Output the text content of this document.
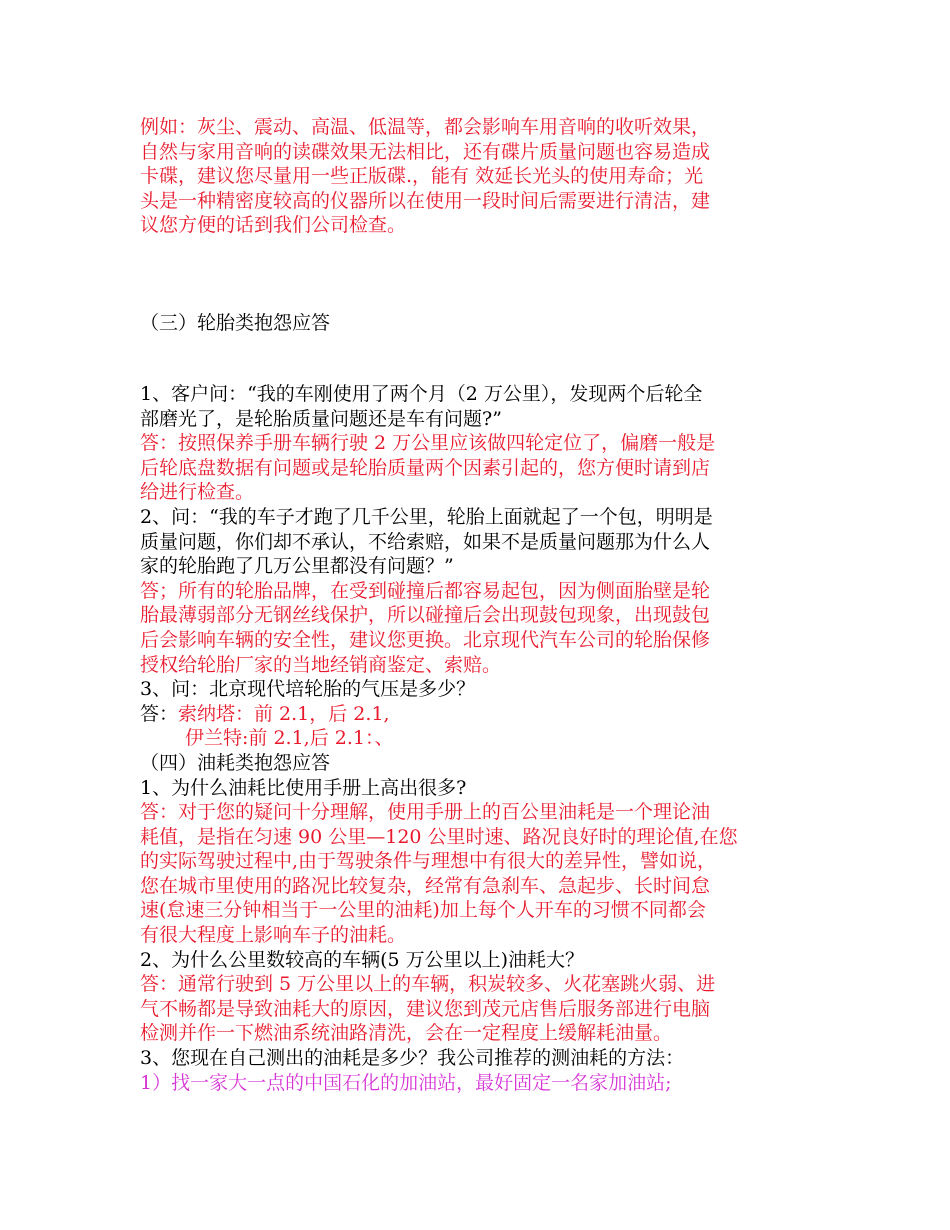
例如：灰尘、震动、高温、低温等，都会影响车用音响的收听效果，
自然与家用音响的读碟效果无法相比，还有碟片质量问题也容易造成
卡碟，建议您尽量用一些正版碟.，能有 效延长光头的使用寿命；光
头是一种精密度较高的仪器所以在使用一段时间后需要进行清洁，建
议您方便的话到我们公司检查。
（三）轮胎类抱怨应答
1、客户问：“我的车刚使用了两个月（2 万公里），发现两个后轮全
部磨光了，是轮胎质量问题还是车有问题?”
答：按照保养手册车辆行驶 2 万公里应该做四轮定位了，偏磨一般是
后轮底盘数据有问题或是轮胎质量两个因素引起的，您方便时请到店
给进行检查。
2、问：“我的车子才跑了几千公里，轮胎上面就起了一个包，明明是
质量问题，你们却不承认，不给索赔，如果不是质量问题那为什么人
家的轮胎跑了几万公里都没有问题？”
答；所有的轮胎品牌，在受到碰撞后都容易起包，因为侧面胎壁是轮
胎最薄弱部分无钢丝线保护，所以碰撞后会出现鼓包现象，出现鼓包
后会影响车辆的安全性，建议您更换。北京现代汽车公司的轮胎保修
授权给轮胎厂家的当地经销商鉴定、索赔。
3、问：北京现代培轮胎的气压是多少？
答：索纳塔：前 2.1，后 2.1,
伊兰特:前 2.1,后 2.1：、
（四）油耗类抱怨应答
1、为什么油耗比使用手册上高出很多?
答：对于您的疑问十分理解，使用手册上的百公里油耗是一个理论油
耗值，是指在匀速 90 公里—120 公里时速、路况良好时的理论值,在您
的实际驾驶过程中,由于驾驶条件与理想中有很大的差异性，譬如说，
您在城市里使用的路况比较复杂，经常有急刹车、急起步、长时间怠
速(怠速三分钟相当于一公里的油耗)加上每个人开车的习惯不同都会
有很大程度上影响车子的油耗。
2、为什么公里数较高的车辆(5 万公里以上)油耗大？
答：通常行驶到 5 万公里以上的车辆，积炭较多、火花塞跳火弱、进
气不畅都是导致油耗大的原因，建议您到茂元店售后服务部进行电脑
检测并作一下燃油系统油路清洗，会在一定程度上缓解耗油量。
3、您现在自己测出的油耗是多少？我公司推荐的测油耗的方法：
1）找一家大一点的中国石化的加油站，最好固定一名家加油站;
